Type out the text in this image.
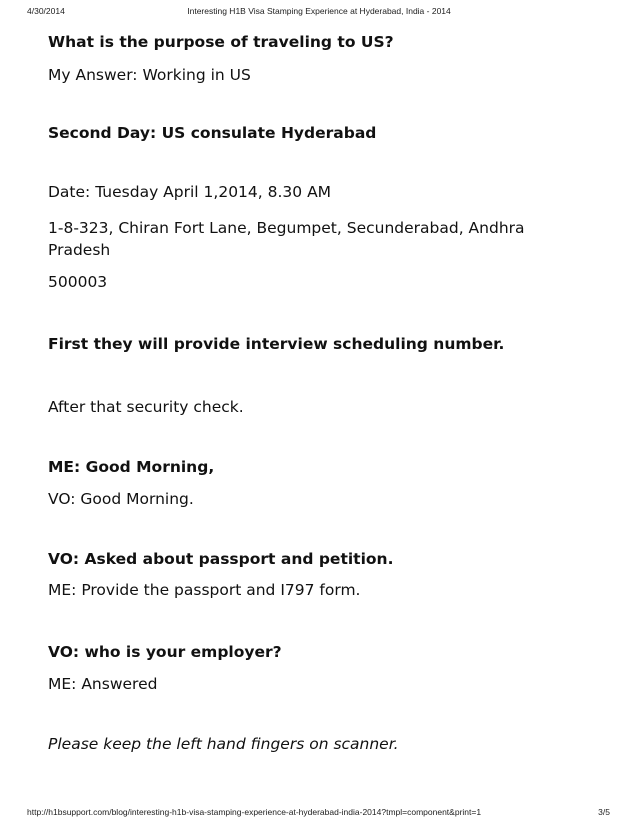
4/30/2014	Interesting H1B Visa Stamping Experience at Hyderabad, India - 2014

What is the purpose of traveling to US?

My Answer: Working in US

Second Day: US consulate Hyderabad

Date: Tuesday April 1,2014, 8.30 AM

1-8-323, Chiran Fort Lane, Begumpet, Secunderabad, Andhra Pradesh

500003

First they will provide interview scheduling number.

After that security check.

ME: Good Morning,

VO: Good Morning.

VO: Asked about passport and petition.

ME: Provide the passport and I797 form.

VO: who is your employer?

ME: Answered

Please keep the left hand fingers on scanner.

http://h1bsupport.com/blog/interesting-h1b-visa-stamping-experience-at-hyderabad-india-2014?tmpl=component&print=1	3/5
